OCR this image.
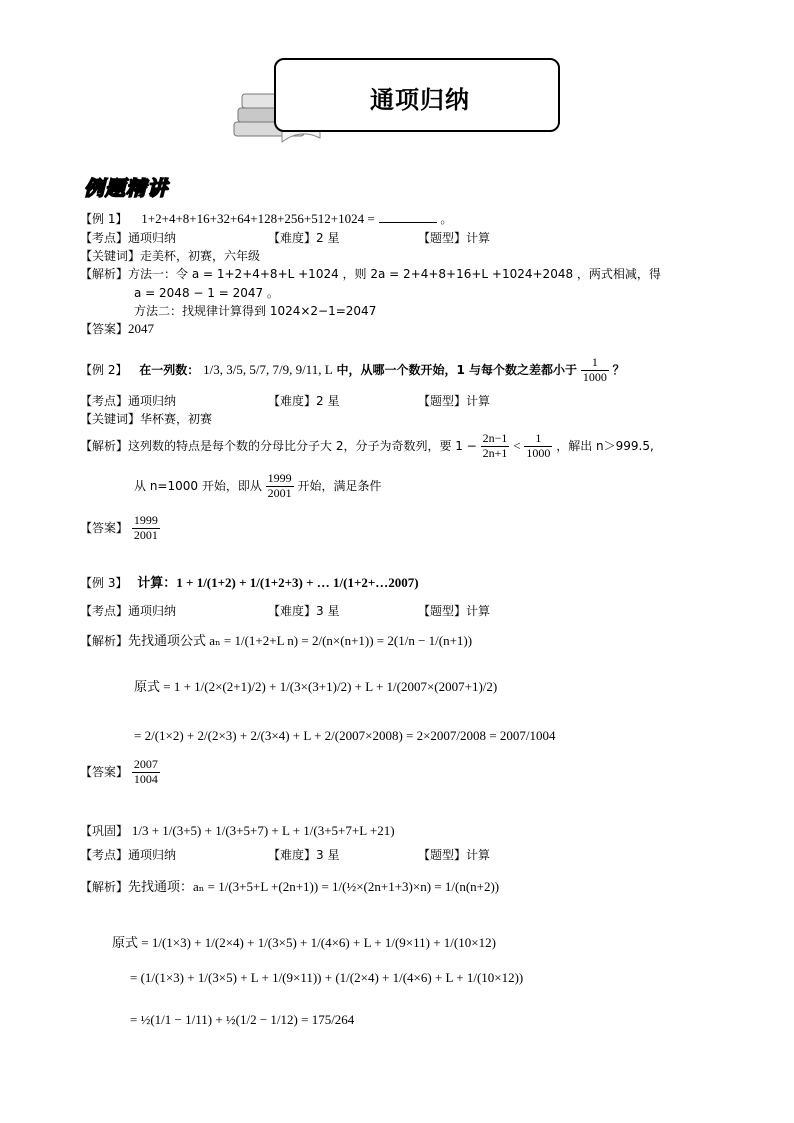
通项归纳
例题精讲
【例 1】 1+2+4+8+16+32+64+128+256+512+1024 =	。
【考点】通项归纳	【难度】2 星	【题型】计算
【关键词】走美杯，初赛，六年级
【解析】方法一：令 a = 1+2+4+8+L +1024 ，则 2a = 2+4+8+16+L +1024+2048 ，两式相减，得
a = 2048 − 1 = 2047 。
方法二：找规律计算得到 1024×2−1=2047
【答案】2047
【例 2】 在一列数： 1/3, 3/5, 5/7, 7/9, 9/11, L 中，从哪一个数开始，1 与每个数之差都小于 $\frac{1}{1000}$ ？
【考点】通项归纳	【难度】2 星	【题型】计算
【关键词】华杯赛，初赛
【解析】这列数的特点是每个数的分母比分子大 2，分子为奇数列，要 $1 - \frac{2n-1}{2n+1} < \frac{1}{1000}$ ，解出 n＞999.5,
从 n=1000 开始，即从 $\frac{1999}{2001}$ 开始，满足条件
【答案】 $\frac{1999}{2001}$
【例 3】 计算：1 + 1/(1+2) + 1/(1+2+3) + … 1/(1+2+…2007)
【考点】通项归纳	【难度】3 星	【题型】计算
【解析】先找通项公式 aₙ = 1/(1+2+L n) = 2/(n×(n+1)) = 2(1/n − 1/(n+1))
原式 = 1 + 1/(2×(2+1)/2) + 1/(3×(3+1)/2) + L + 1/(2007×(2007+1)/2)
= 2/(1×2) + 2/(2×3) + 2/(3×4) + L + 2/(2007×2008) = 2×2007/2008 = 2007/1004
【答案】 $\frac{2007}{1004}$
【巩固】 1/3 + 1/(3+5) + 1/(3+5+7) + L + 1/(3+5+7+L +21)
【考点】通项归纳	【难度】3 星	【题型】计算
【解析】先找通项：aₙ = 1/(3+5+L +(2n+1)) = 1/(½×(2n+1+3)×n) = 1/(n(n+2))
原式 = 1/(1×3) + 1/(2×4) + 1/(3×5) + 1/(4×6) + L + 1/(9×11) + 1/(10×12)
= (1/(1×3) + 1/(3×5) + L + 1/(9×11)) + (1/(2×4) + 1/(4×6) + L + 1/(10×12))
= ½(1/1 − 1/11) + ½(1/2 − 1/12) = 175/264
